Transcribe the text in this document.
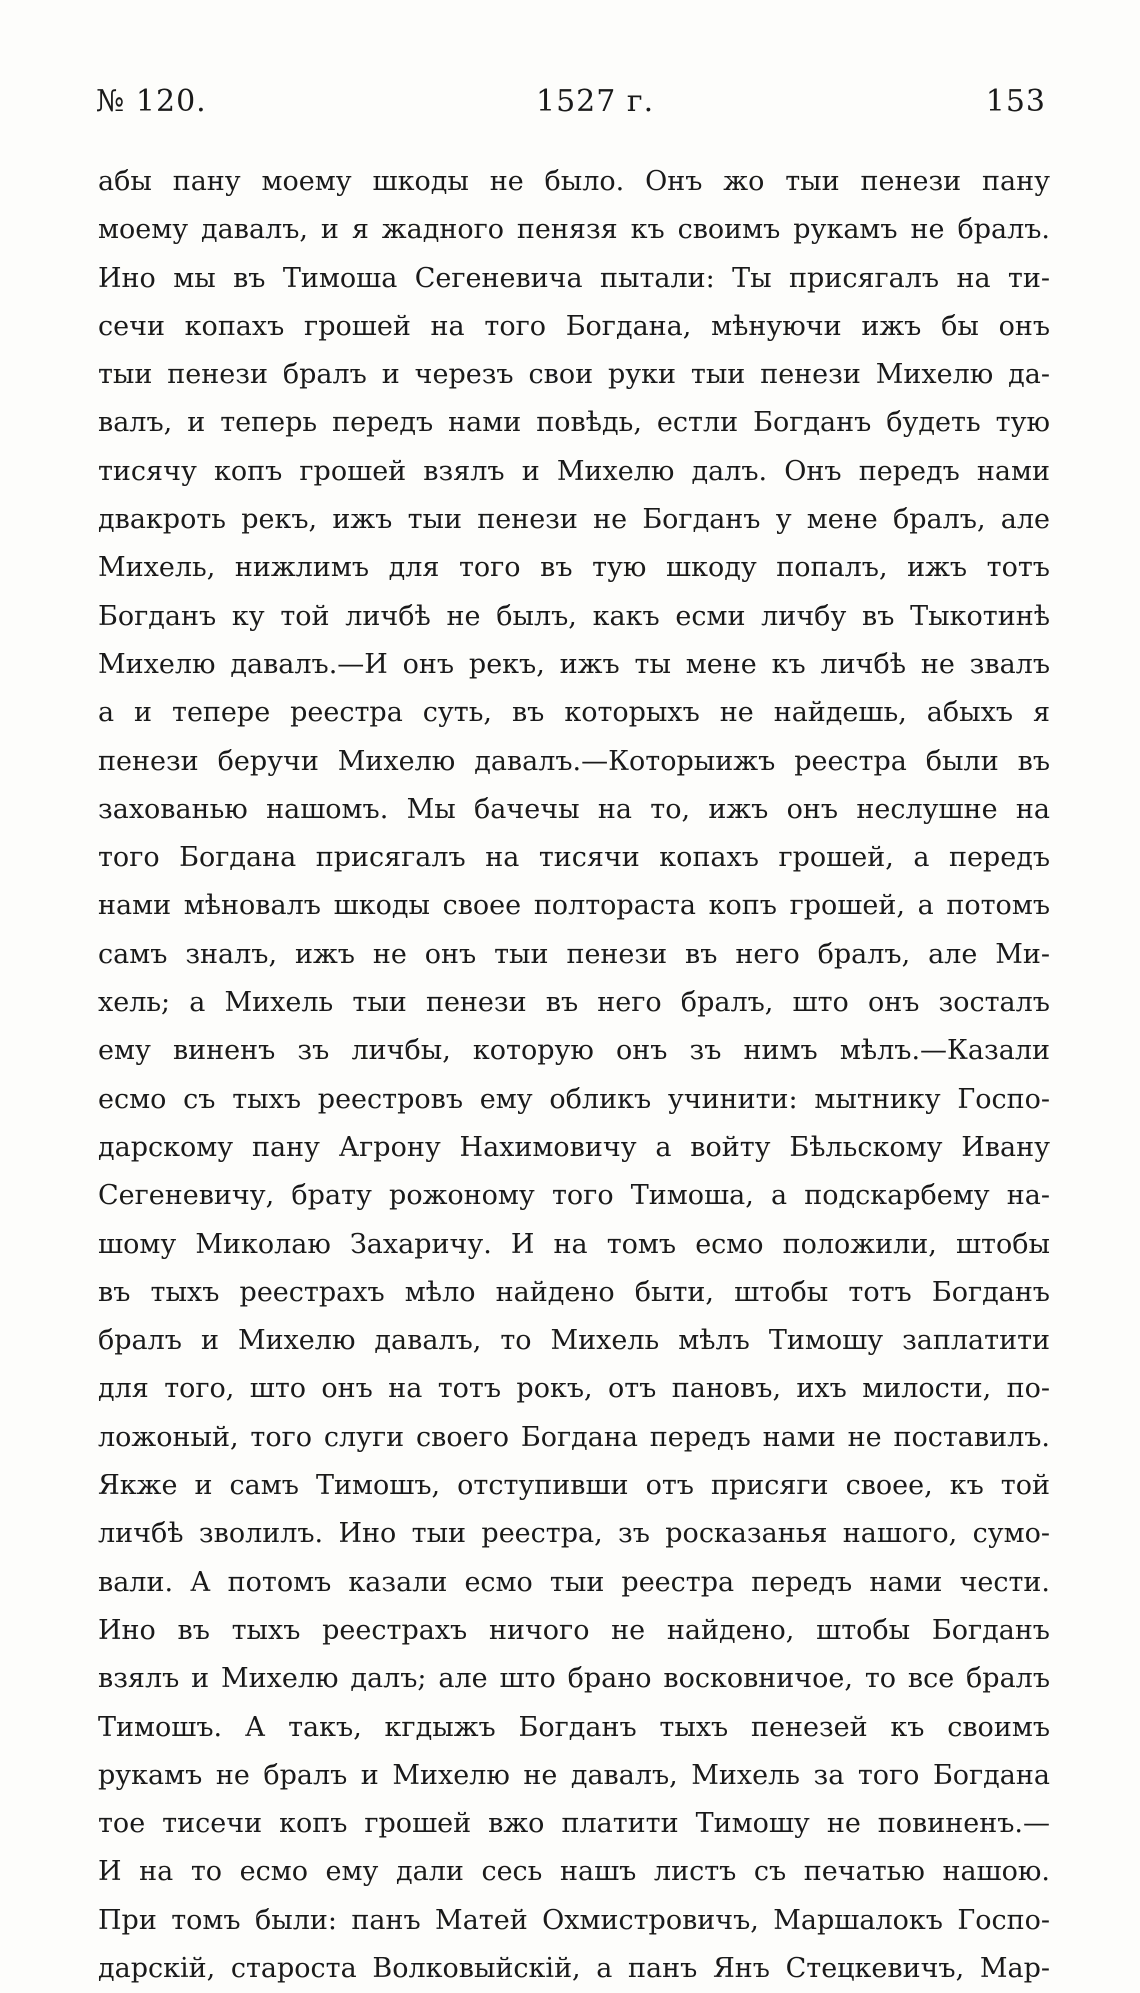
№ 120.	1527 г.	153
абы пану моему шкоды не было. Онъ жо тыи пенези пану
моему давалъ, и я жадного пенязя къ своимъ рукамъ не бралъ.
Ино мы въ Тимоша Сегеневича пытали: Ты присягалъ на ти-
сечи копахъ грошей на того Богдана, мѣнуючи ижъ бы онъ
тыи пенези бралъ и черезъ свои руки тыи пенези Михелю да-
валъ, и теперь передъ нами повѣдь, естли Богданъ будеть тую
тисячу копъ грошей взялъ и Михелю далъ. Онъ передъ нами
двакроть рекъ, ижъ тыи пенези не Богданъ у мене бралъ, але
Михель, нижлимъ для того въ тую шкоду попалъ, ижъ тотъ
Богданъ ку той личбѣ не былъ, какъ есми личбу въ Тыкотинѣ
Михелю давалъ.—И онъ рекъ, ижъ ты мене къ личбѣ не звалъ
а и тепере реестра суть, въ которыхъ не найдешь, абыхъ я
пенези беручи Михелю давалъ.—Которыижъ реестра были въ
захованью нашомъ. Мы бачечы на то, ижъ онъ неслушне на
того Богдана присягалъ на тисячи копахъ грошей, а передъ
нами мѣновалъ шкоды своее полтораста копъ грошей, а потомъ
самъ зналъ, ижъ не онъ тыи пенези въ него бралъ, але Ми-
хель; а Михель тыи пенези въ него бралъ, што онъ зосталъ
ему виненъ зъ личбы, которую онъ зъ нимъ мѣлъ.—Казали
есмо съ тыхъ реестровъ ему обликъ учинити: мытнику Госпо-
дарскому пану Агрону Нахимовичу а войту Бѣльскому Ивану
Сегеневичу, брату рожоному того Тимоша, а подскарбему на-
шому Миколаю Захаричу. И на томъ есмо положили, штобы
въ тыхъ реестрахъ мѣло найдено быти, штобы тотъ Богданъ
бралъ и Михелю давалъ, то Михель мѣлъ Тимошу заплатити
для того, што онъ на тотъ рокъ, отъ пановъ, ихъ милости, по-
ложоный, того слуги своего Богдана передъ нами не поставилъ.
Якже и самъ Тимошъ, отступивши отъ присяги своее, къ той
личбѣ зволилъ. Ино тыи реестра, зъ росказанья нашого, сумо-
вали. А потомъ казали есмо тыи реестра передъ нами чести.
Ино въ тыхъ реестрахъ ничого не найдено, штобы Богданъ
взялъ и Михелю далъ; але што брано восковничое, то все бралъ
Тимошъ. А такъ, кгдыжъ Богданъ тыхъ пенезей къ своимъ
рукамъ не бралъ и Михелю не давалъ, Михель за того Богдана
тое тисечи копъ грошей вжо платити Тимошу не повиненъ.—
И на то есмо ему дали сесь нашъ листъ съ печатью нашою.
При томъ были: панъ Матей Охмистровичъ, Маршалокъ Госпо-
дарскій, староста Волковыйскій, а панъ Янъ Стецкевичъ, Мар-
